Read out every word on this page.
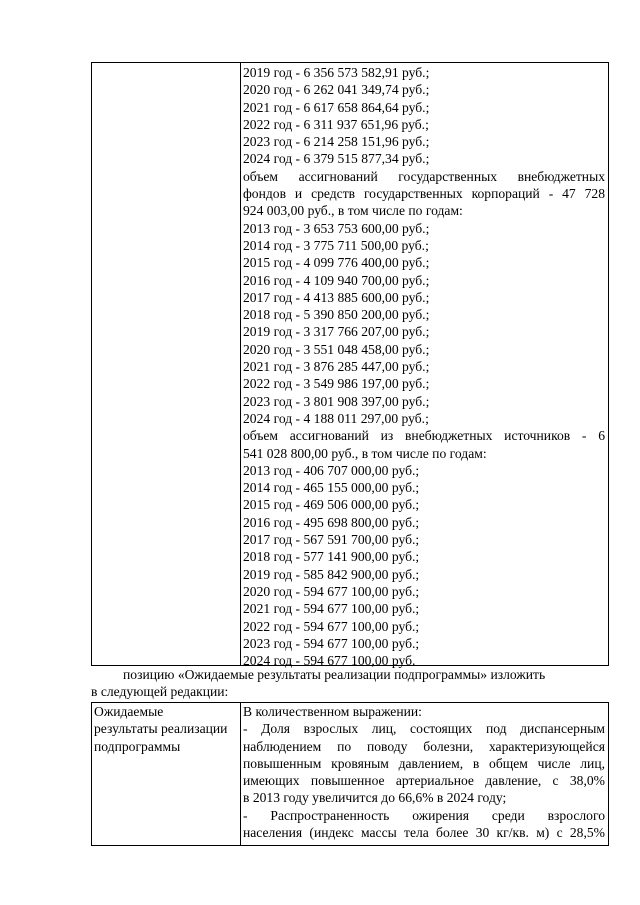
2019 год - 6 356 573 582,91 руб.;
2020 год - 6 262 041 349,74 руб.;
2021 год - 6 617 658 864,64 руб.;
2022 год - 6 311 937 651,96 руб.;
2023 год - 6 214 258 151,96 руб.;
2024 год - 6 379 515 877,34 руб.;
объем ассигнований государственных внебюджетных
фондов и средств государственных корпораций - 47 728
924 003,00 руб., в том числе по годам:
2013 год - 3 653 753 600,00 руб.;
2014 год - 3 775 711 500,00 руб.;
2015 год - 4 099 776 400,00 руб.;
2016 год - 4 109 940 700,00 руб.;
2017 год - 4 413 885 600,00 руб.;
2018 год - 5 390 850 200,00 руб.;
2019 год - 3 317 766 207,00 руб.;
2020 год - 3 551 048 458,00 руб.;
2021 год - 3 876 285 447,00 руб.;
2022 год - 3 549 986 197,00 руб.;
2023 год - 3 801 908 397,00 руб.;
2024 год - 4 188 011 297,00 руб.;
объем ассигнований из внебюджетных источников - 6
541 028 800,00 руб., в том числе по годам:
2013 год - 406 707 000,00 руб.;
2014 год - 465 155 000,00 руб.;
2015 год - 469 506 000,00 руб.;
2016 год - 495 698 800,00 руб.;
2017 год - 567 591 700,00 руб.;
2018 год - 577 141 900,00 руб.;
2019 год - 585 842 900,00 руб.;
2020 год - 594 677 100,00 руб.;
2021 год - 594 677 100,00 руб.;
2022 год - 594 677 100,00 руб.;
2023 год - 594 677 100,00 руб.;
2024 год - 594 677 100,00 руб.
позицию «Ожидаемые результаты реализации подпрограммы» изложить
в следующей редакции:
Ожидаемые
результаты реализации
подпрограммы
В количественном выражении:
- Доля взрослых лиц, состоящих под диспансерным
наблюдением по поводу болезни, характеризующейся
повышенным кровяным давлением, в общем числе лиц,
имеющих повышенное артериальное давление, с 38,0%
в 2013 году увеличится до 66,6% в 2024 году;
- Распространенность ожирения среди взрослого
населения (индекс массы тела более 30 кг/кв. м) с 28,5%
